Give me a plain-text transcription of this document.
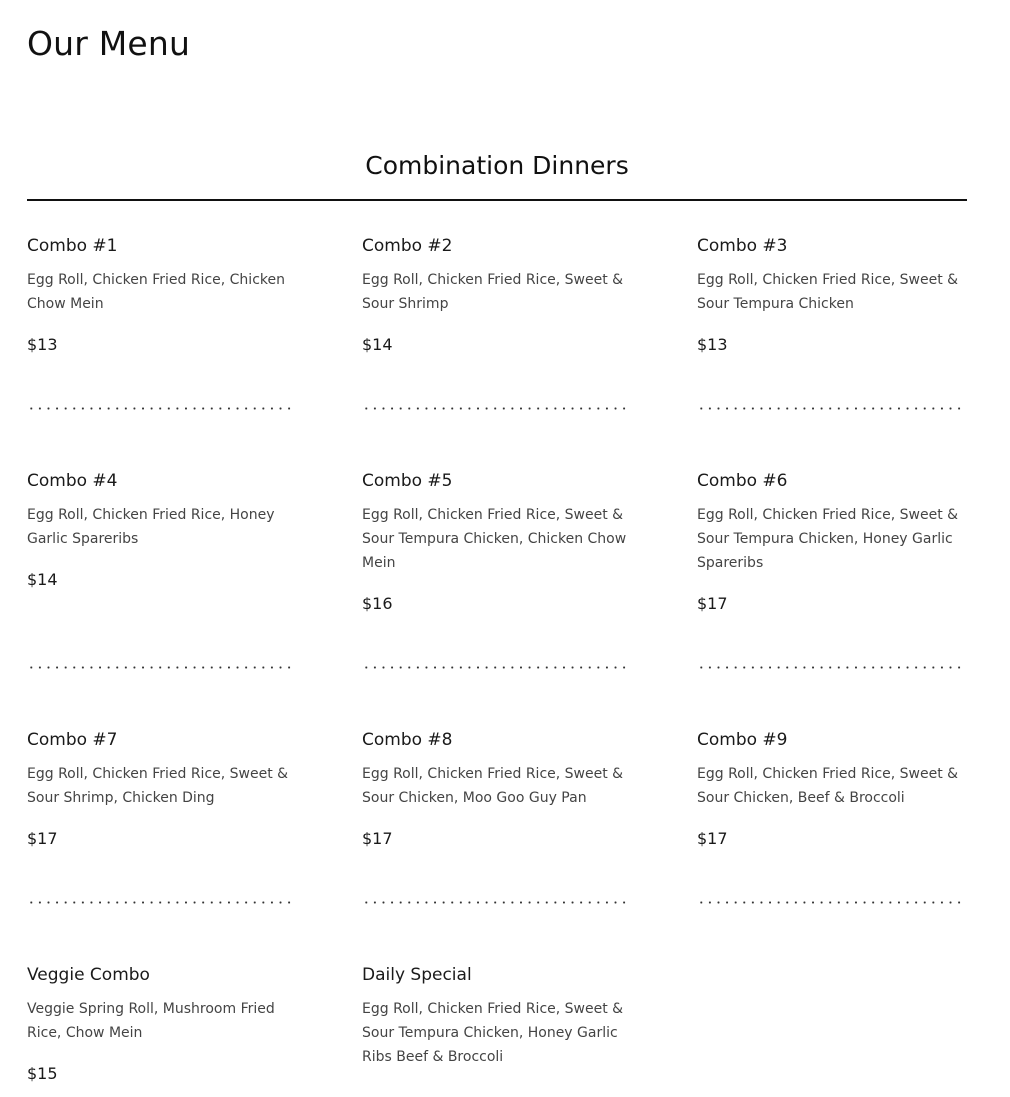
Our Menu
Combination Dinners

Combo #1

Egg Roll, Chicken Fried Rice, Chicken Chow Mein

$13

Combo #2

Egg Roll, Chicken Fried Rice, Sweet & Sour Shrimp

$14

Combo #3

Egg Roll, Chicken Fried Rice, Sweet & Sour Tempura Chicken

$13

Combo #4

Egg Roll, Chicken Fried Rice, Honey Garlic Spareribs

$14

Combo #5

Egg Roll, Chicken Fried Rice, Sweet & Sour Tempura Chicken, Chicken Chow Mein

$16

Combo #6

Egg Roll, Chicken Fried Rice, Sweet & Sour Tempura Chicken, Honey Garlic Spareribs

$17

Combo #7

Egg Roll, Chicken Fried Rice, Sweet & Sour Shrimp, Chicken Ding

$17

Combo #8

Egg Roll, Chicken Fried Rice, Sweet & Sour Chicken, Moo Goo Guy Pan

$17

Combo #9

Egg Roll, Chicken Fried Rice, Sweet & Sour Chicken, Beef & Broccoli

$17

Veggie Combo

Veggie Spring Roll, Mushroom Fried Rice, Chow Mein

$15

Daily Special

Egg Roll, Chicken Fried Rice, Sweet & Sour Tempura Chicken, Honey Garlic Ribs Beef & Broccoli
